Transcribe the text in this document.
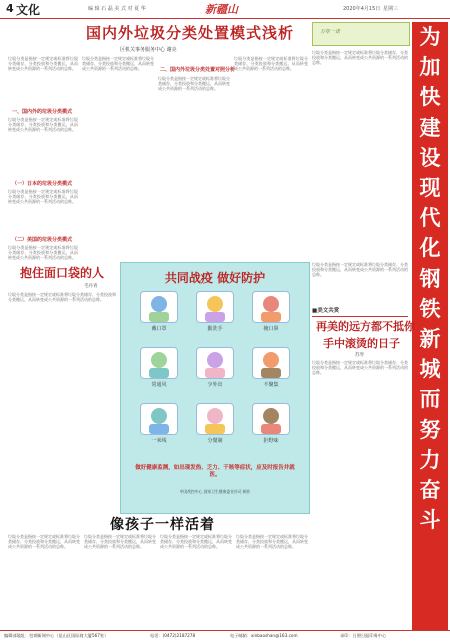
4 文化	编 辑 石 磊 美 式 对 夏 华	新疆山	2020年4月15日 星期三
国内外垃圾分类处置模式浅析
区机关事务服务中心 谢亮
垃圾分类是指按一定规定或标准将垃圾分类储存、分类投放和分类搬运，从而转变成公共资源的一系列活动的总称。
一、国内外的垃圾分类模式
垃圾分类是指按一定规定或标准将垃圾分类储存、分类投放和分类搬运，从而转变成公共资源的一系列活动的总称。
（一）日本的垃圾分类模式
垃圾分类是指按一定规定或标准将垃圾分类储存、分类投放和分类搬运，从而转变成公共资源的一系列活动的总称。
（二）美国的垃圾分类模式
垃圾分类是指按一定规定或标准将垃圾分类储存、分类投放和分类搬运，从而转变成公共资源的一系列活动的总称。
垃圾分类是指按一定规定或标准将垃圾分类储存、分类投放和分类搬运，从而转变成公共资源的一系列活动的总称。	二、国内外垃圾分类处置对照分析
垃圾分类是指按一定规定或标准将垃圾分类储存、分类投放和分类搬运，从而转变成公共资源的一系列活动的总称。
垃圾分类是指按一定规定或标准将垃圾分类储存、分类投放和分类搬运，从而转变成公共资源的一系列活动的总称。
垃圾分类是指按一定规定或标准将垃圾分类储存、分类投放和分类搬运，从而转变成公共资源的一系列活动的总称。
万年一诺	为
加
快
建
设
现
代
化
钢
铁
新
城
而
努
力
奋
斗
抱住面口袋的人
毛丹青
垃圾分类是指按一定规定或标准将垃圾分类储存、分类投放和分类搬运，从而转变成公共资源的一系列活动的总称。
共同战疫 做好防护
戴口罩	勤洗手	掩口鼻
常通风	少外出	不聚集
一米线	分餐制	拒野味
做好健康监测，如出现发热、乏力、干咳等症状，应及时报告并就医。
中国疾控中心 国家卫生健康委宣传司 制作
■美文共赏
再美的远方都不抵你
手中滚烫的日子
苏琴
垃圾分类是指按一定规定或标准将垃圾分类储存、分类投放和分类搬运，从而转变成公共资源的一系列活动的总称。
垃圾分类是指按一定规定或标准将垃圾分类储存、分类投放和分类搬运，从而转变成公共资源的一系列活动的总称。
像孩子一样活着
垃圾分类是指按一定规定或标准将垃圾分类储存、分类投放和分类搬运，从而转变成公共资源的一系列活动的总称。
垃圾分类是指按一定规定或标准将垃圾分类储存、分类投放和分类搬运，从而转变成公共资源的一系列活动的总称。
垃圾分类是指按一定规定或标准将垃圾分类储存、分类投放和分类搬运，从而转变成公共资源的一系列活动的总称。
垃圾分类是指按一定规定或标准将垃圾分类储存、分类投放和分类搬运，从而转变成公共资源的一系列活动的总称。
编辑部地址：包钢新闻中心（昆山区国际商大厦567室）	电话：(0472)2187278	电子邮箱：xinbaoshan@163.com	承印：日照日报印务中心
